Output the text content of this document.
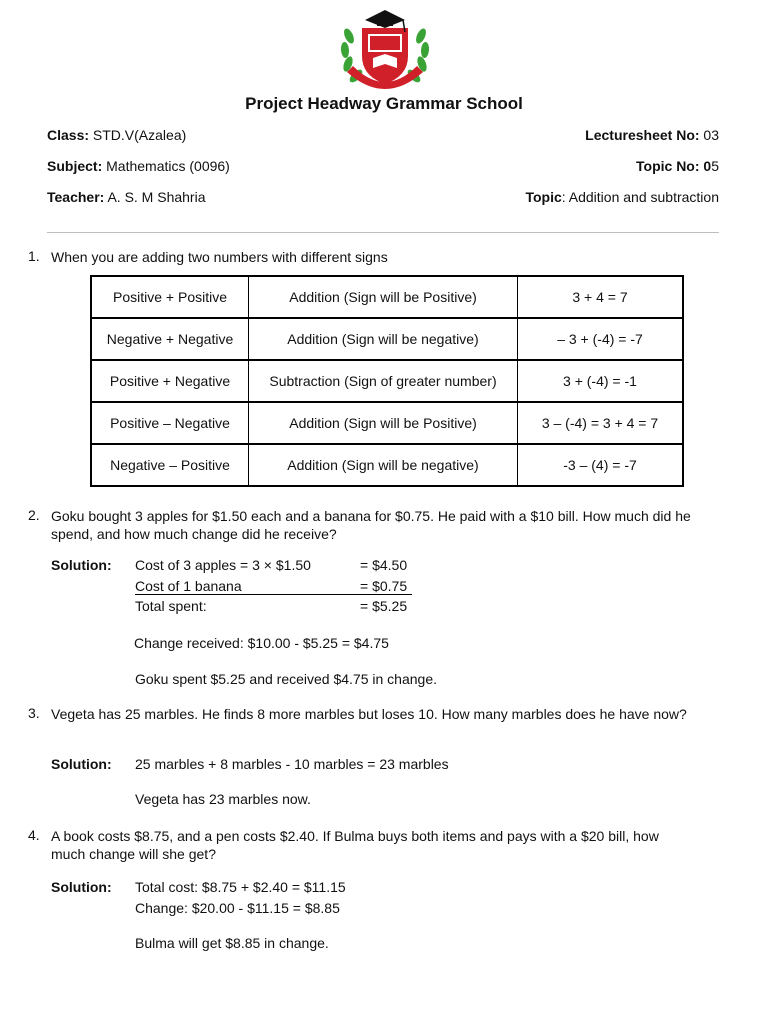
Project Headway Grammar School
Class: STD.V(Azalea)
Subject: Mathematics (0096)
Teacher: A. S. M Shahria
Lecturesheet No: 03
Topic No: 05
Topic: Addition and subtraction
1. When you are adding two numbers with different signs
Positive + Positive	Addition (Sign will be Positive)	3 + 4 = 7
Negative + Negative	Addition (Sign will be negative)	– 3 + (-4) = -7
Positive + Negative	Subtraction (Sign of greater number)	3 + (-4) = -1
Positive – Negative	Addition (Sign will be Positive)	3 – (-4) = 3 + 4 = 7
Negative – Positive	Addition (Sign will be negative)	-3 – (4) = -7
2. Goku bought 3 apples for $1.50 each and a banana for $0.75. He paid with a $10 bill. How much did he spend, and how much change did he receive?
Solution: Cost of 3 apples = 3 × $1.50	= $4.50
Cost of 1 banana	= $0.75
Total spent:	= $5.25
Change received: $10.00 - $5.25 = $4.75
Goku spent $5.25 and received $4.75 in change.
3. Vegeta has 25 marbles. He finds 8 more marbles but loses 10. How many marbles does he have now?
Solution: 25 marbles + 8 marbles - 10 marbles = 23 marbles
Vegeta has 23 marbles now.
4. A book costs $8.75, and a pen costs $2.40. If Bulma buys both items and pays with a $20 bill, how much change will she get?
Solution: Total cost: $8.75 + $2.40 = $11.15
Change: $20.00 - $11.15 = $8.85
Bulma will get $8.85 in change.
